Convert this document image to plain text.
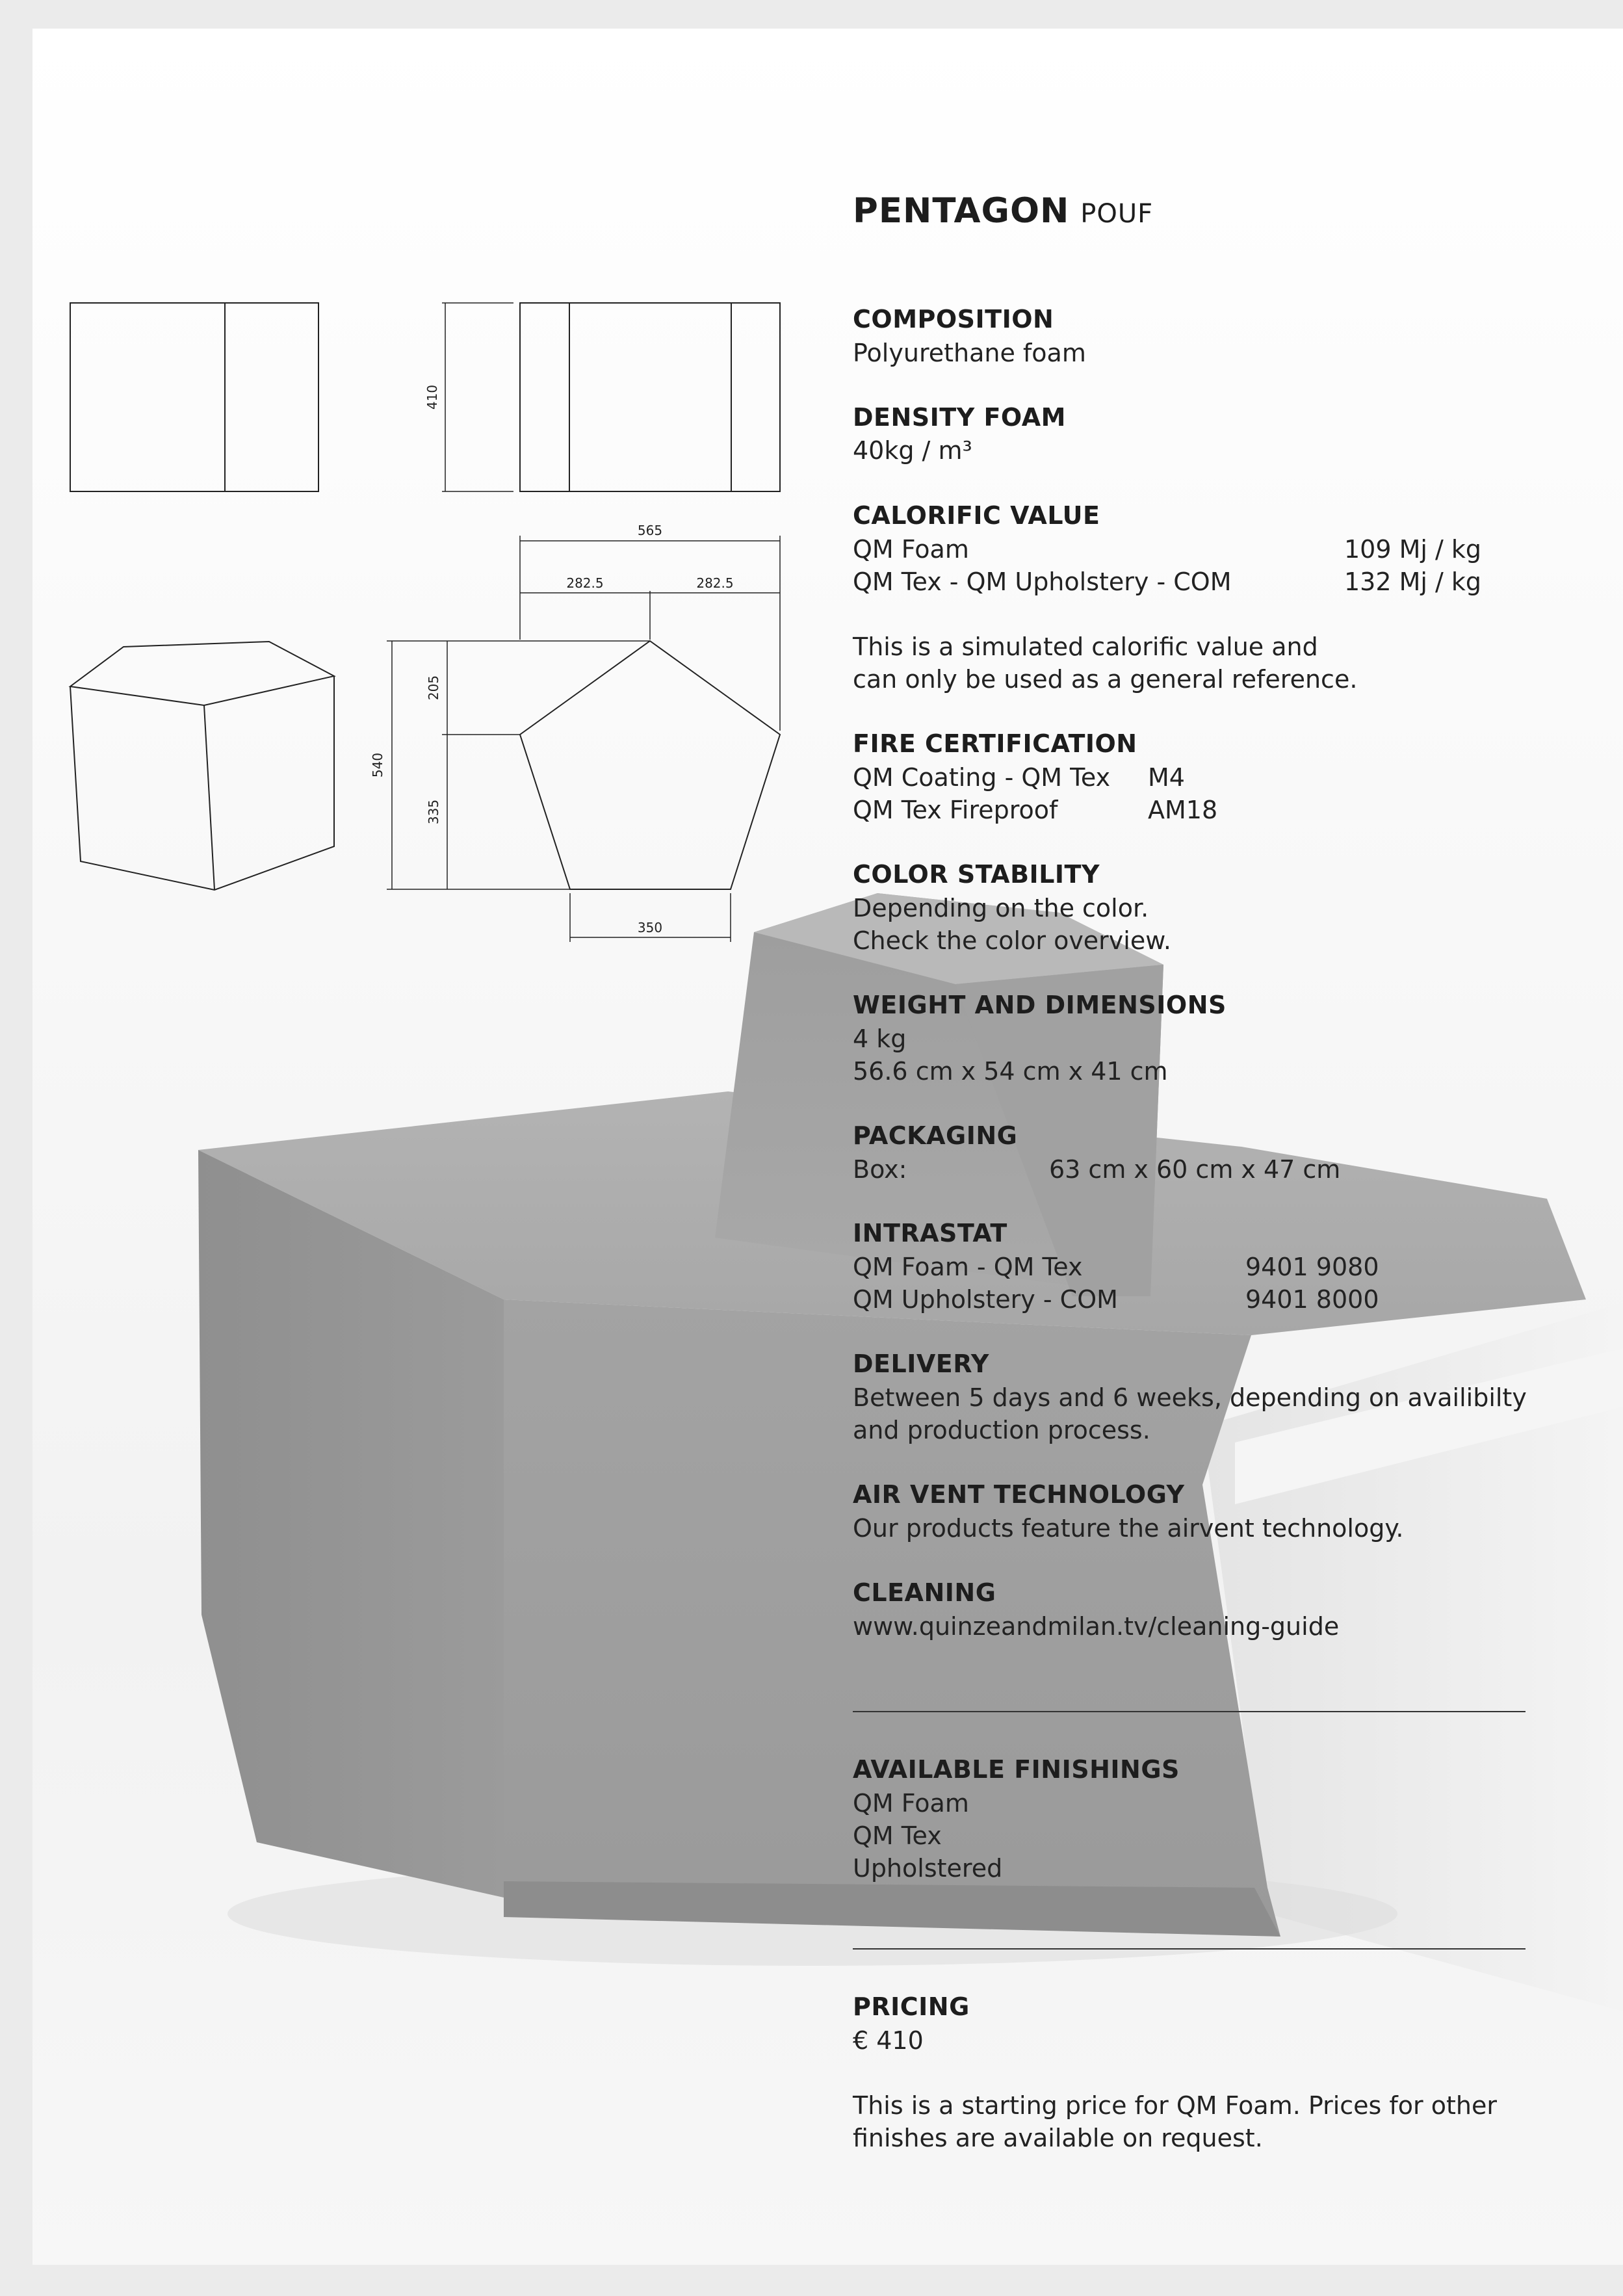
410
565
282.5	282.5
540
205
335
350
PENTAGON POUF
COMPOSITION
Polyurethane foam
DENSITY FOAM
40kg / m³
CALORIFIC VALUE
QM Foam	109 Mj / kg
QM Tex - QM Upholstery - COM	132 Mj / kg
This is a simulated calorific value and
can only be used as a general reference.
FIRE CERTIFICATION
QM Coating - QM Tex M4
QM Tex Fireproof	AM18
COLOR STABILITY
Depending on the color.
Check the color overview.
WEIGHT AND DIMENSIONS
4 kg
56.6 cm x 54 cm x 41 cm
PACKAGING
Box:	63 cm x 60 cm x 47 cm
INTRASTAT
QM Foam - QM Tex	9401 9080
QM Upholstery - COM	9401 8000
DELIVERY
Between 5 days and 6 weeks, depending on availibilty
and production process.
AIR VENT TECHNOLOGY
Our products feature the airvent technology.
CLEANING
www.quinzeandmilan.tv/cleaning-guide
AVAILABLE FINISHINGS
QM Foam
QM Tex
Upholstered
PRICING
€ 410
This is a starting price for QM Foam. Prices for other
finishes are available on request.
